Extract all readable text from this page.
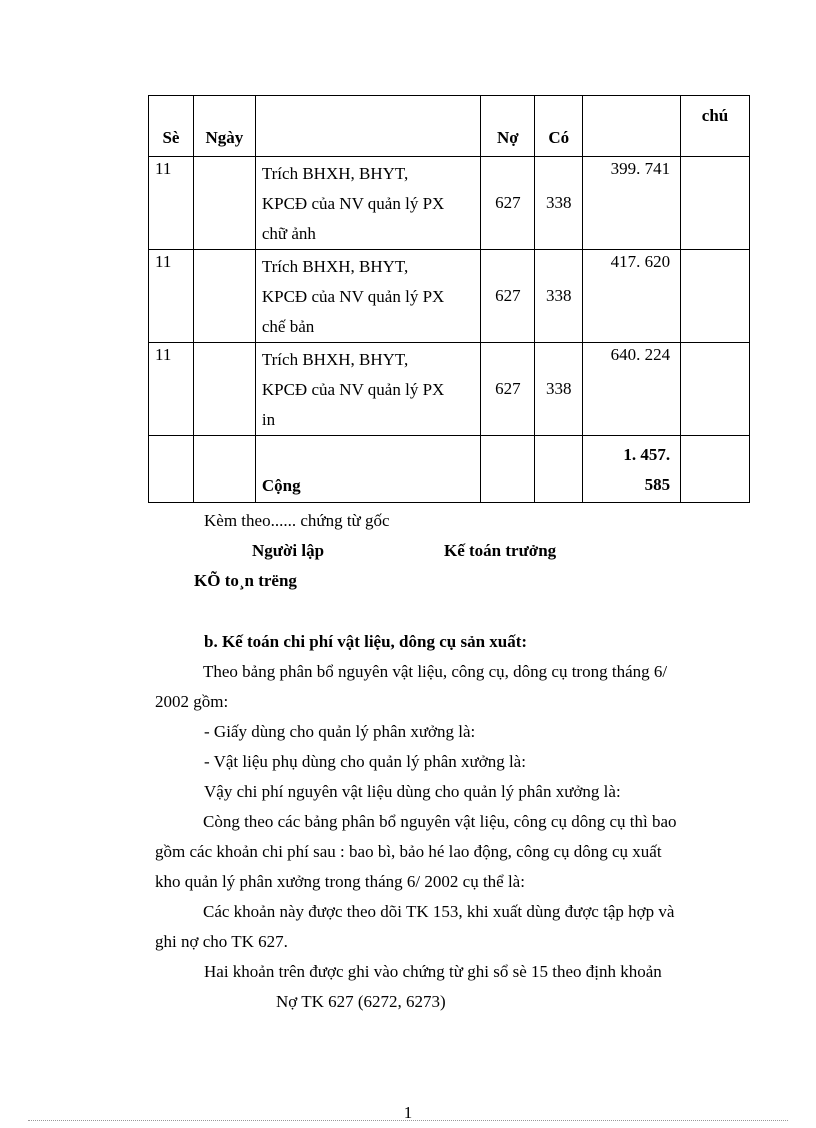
Sè	Ngày		Nợ	Có		chú
11		Trích BHXH, BHYT,
KPCĐ của NV quản lý PX
chữ ảnh	627	338	399. 741	
11		Trích BHXH, BHYT,
KPCĐ của NV quản lý PX
chế bản	627	338	417. 620	
11		Trích BHXH, BHYT,
KPCĐ của NV quản lý PX
in	627	338	640. 224	
		Cộng			1. 457.
585	

Kèm theo...... chứng từ gốc
Người lập	Kế toán trưởng
KÕ to¸n trëng
b. Kế toán chi phí vật liệu, dông cụ sản xuất:
Theo bảng phân bổ nguyên vật liệu, công cụ, dông cụ trong tháng 6/
2002 gồm:
- Giấy dùng cho quản lý phân xưởng là:
- Vật liệu phụ dùng cho quản lý phân xưởng là:
Vậy chi phí nguyên vật liệu dùng cho quản lý phân xưởng là:
Còng theo các bảng phân bổ nguyên vật liệu, công cụ dông cụ thì bao
gồm các khoản chi phí sau : bao bì, bảo hé lao động, công cụ dông cụ xuất
kho quản lý phân xưởng trong tháng 6/ 2002 cụ thể là:
Các khoản này được theo dõi TK 153, khi xuất dùng được tập hợp và
ghi nợ cho TK 627.
Hai khoản trên được ghi vào chứng từ ghi sổ sè 15 theo định khoản
Nợ TK 627 (6272, 6273)
1
